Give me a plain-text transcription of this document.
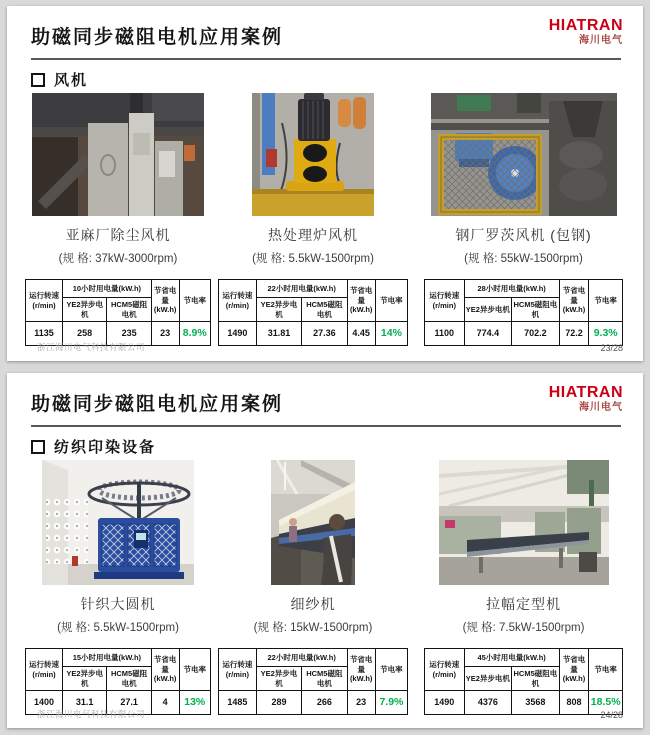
助磁同步磁阻电机应用案例
HIATRAN
海川电气
风机
亚麻厂除尘风机
(规 格: 37kW-3000rpm)
运行转速 (r/min)	10小时用电量(kW.h)		节省电量 (kW.h)	节电率
	YE2异步电机	HCM5磁阻电机		
1135	258	235	23	8.9%
热处理炉风机
(规 格: 5.5kW-1500rpm)
运行转速 (r/min)	22小时用电量(kW.h)		节省电量 (kW.h)	节电率
	YE2异步电机	HCM5磁阻电机		
1490	31.81	27.36	4.45	14%
钢厂罗茨风机 (包钢)
(规 格: 55kW-1500rpm)
运行转速 (r/min)	28小时用电量(kW.h)		节省电量 (kW.h)	节电率
	YE2异步电机	HCM5磁阻电机		
1100	774.4	702.2	72.2	9.3%
浙江海川电气科技有限公司	23/28
助磁同步磁阻电机应用案例
HIATRAN
海川电气
纺织印染设备
针织大圆机
(规 格: 5.5kW-1500rpm)
运行转速 (r/min)	15小时用电量(kW.h)		节省电量 (kW.h)	节电率
	YE2异步电机	HCM5磁阻电机		
1400	31.1	27.1	4	13%
细纱机
(规 格: 15kW-1500rpm)
运行转速 (r/min)	22小时用电量(kW.h)		节省电量 (kW.h)	节电率
	YE2异步电机	HCM5磁阻电机		
1485	289	266	23	7.9%
拉幅定型机
(规 格: 7.5kW-1500rpm)
运行转速 (r/min)	45小时用电量(kW.h)		节省电量 (kW.h)	节电率
	YE2异步电机	HCM5磁阻电机		
1490	4376	3568	808	18.5%
浙江海川电气科技有限公司	24/28
